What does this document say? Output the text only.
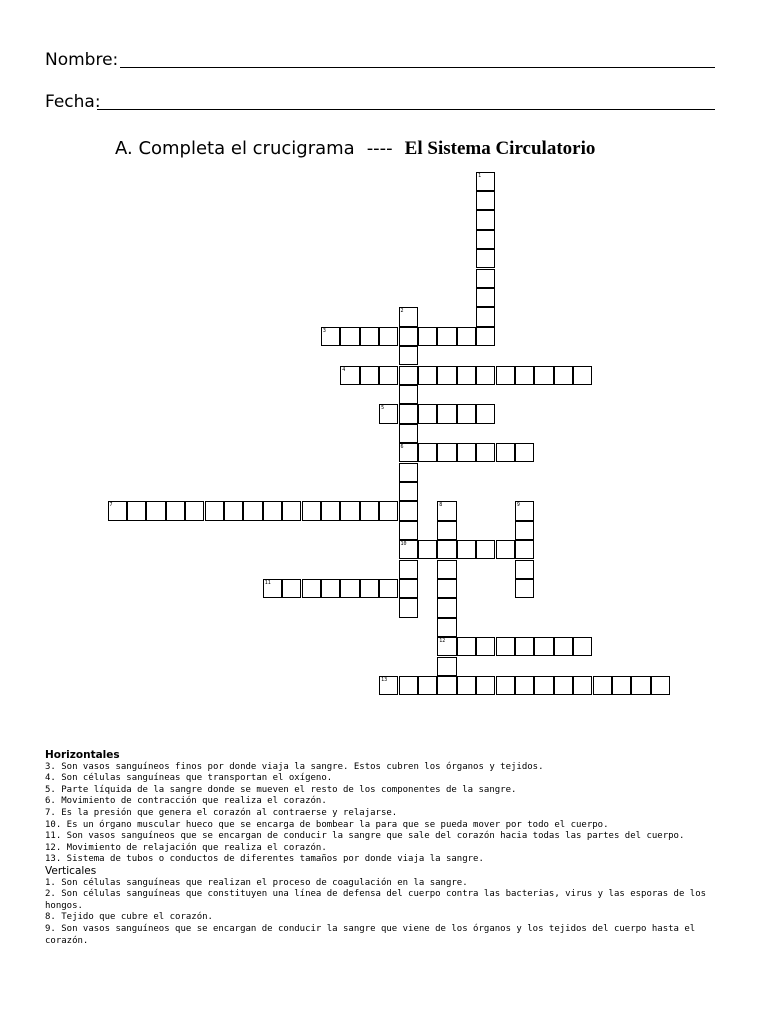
Nombre:
Fecha:
A. Completa el crucigrama ---- El Sistema Circulatorio
1
2
6
10
3
4
5
7	8
12
9
11
13
Horizontales
3. Son vasos sanguíneos finos por donde viaja la sangre. Estos cubren los órganos y tejidos.
4. Son células sanguíneas que transportan el oxígeno.
5. Parte líquida de la sangre donde se mueven el resto de los componentes de la sangre.
6. Movimiento de contracción que realiza el corazón.
7. Es la presión que genera el corazón al contraerse y relajarse.
10. Es un órgano muscular hueco que se encarga de bombear la para que se pueda mover por todo el cuerpo.
11. Son vasos sanguíneos que se encargan de conducir la sangre que sale del corazón hacia todas las partes del cuerpo.
12. Movimiento de relajación que realiza el corazón.
13. Sistema de tubos o conductos de diferentes tamaños por donde viaja la sangre.
Verticales
1. Son células sanguíneas que realizan el proceso de coagulación en la sangre.
2. Son células sanguíneas que constituyen una línea de defensa del cuerpo contra las bacterias, virus y las esporas de los hongos.
8. Tejido que cubre el corazón.
9. Son vasos sanguíneos que se encargan de conducir la sangre que viene de los órganos y los tejidos del cuerpo hasta el corazón.
